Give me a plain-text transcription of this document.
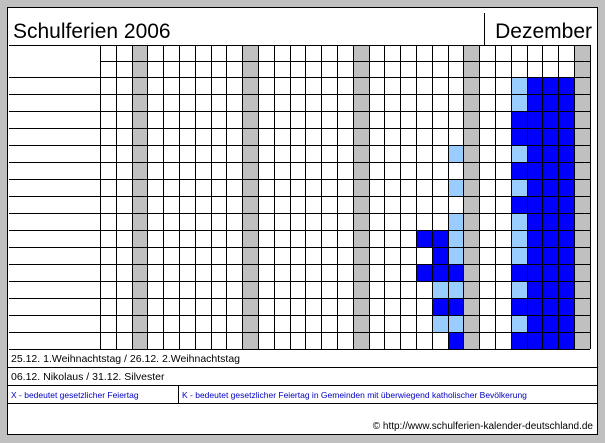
Schulferien 2006	Dezember
25.12. 1.Weihnachtstag / 26.12. 2.Weihnachtstag
06.12. Nikolaus / 31.12. Silvester
X - bedeutet gesetzlicher Feiertag	K - bedeutet gesetzlicher Feiertag in Gemeinden mit überwiegend katholischer Bevölkerung
© http://www.schulferien-kalender-deutschland.de
